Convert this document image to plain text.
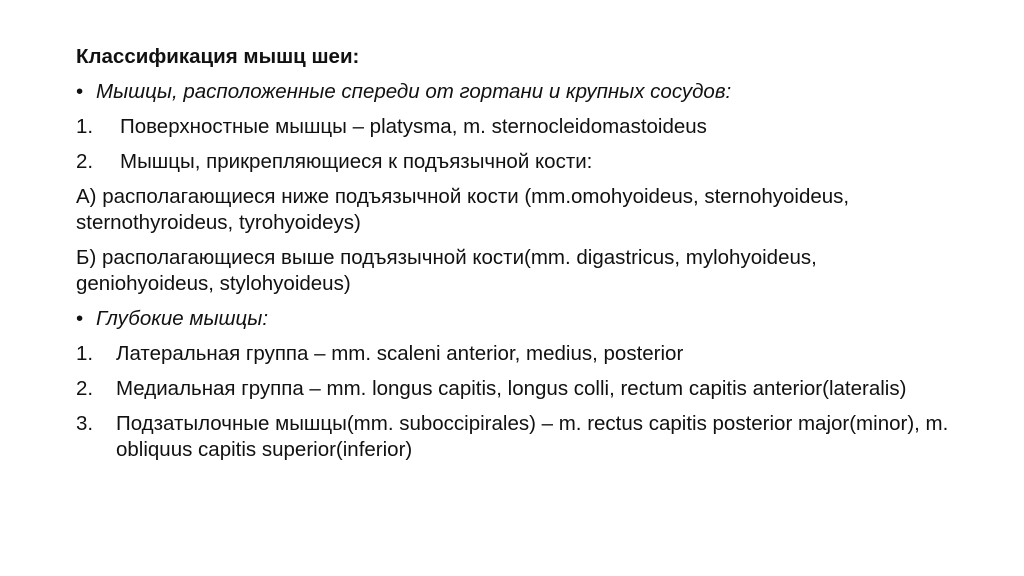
Классификация мышц шеи:
• Мышцы, расположенные спереди от гортани и крупных сосудов:
1.	Поверхностные мышцы – platysma, m. sternocleidomastoideus
2.	Мышцы, прикрепляющиеся к подъязычной кости:
А) располагающиеся ниже подъязычной кости (mm.omohyoideus, sternohyoideus, sternothyroideus, tyrohyoideys)
Б) располагающиеся выше подъязычной кости(mm. digastricus, mylohyoideus, geniohyoideus, stylohyoideus)
• Глубокие мышцы:
1.	Латеральная группа – mm. scaleni anterior, medius, posterior
2.	Медиальная группа – mm. longus capitis, longus colli, rectum capitis anterior(lateralis)
3.	Подзатылочные мышцы(mm. suboccipirales) – m. rectus capitis posterior major(minor), m. obliquus capitis superior(inferior)
